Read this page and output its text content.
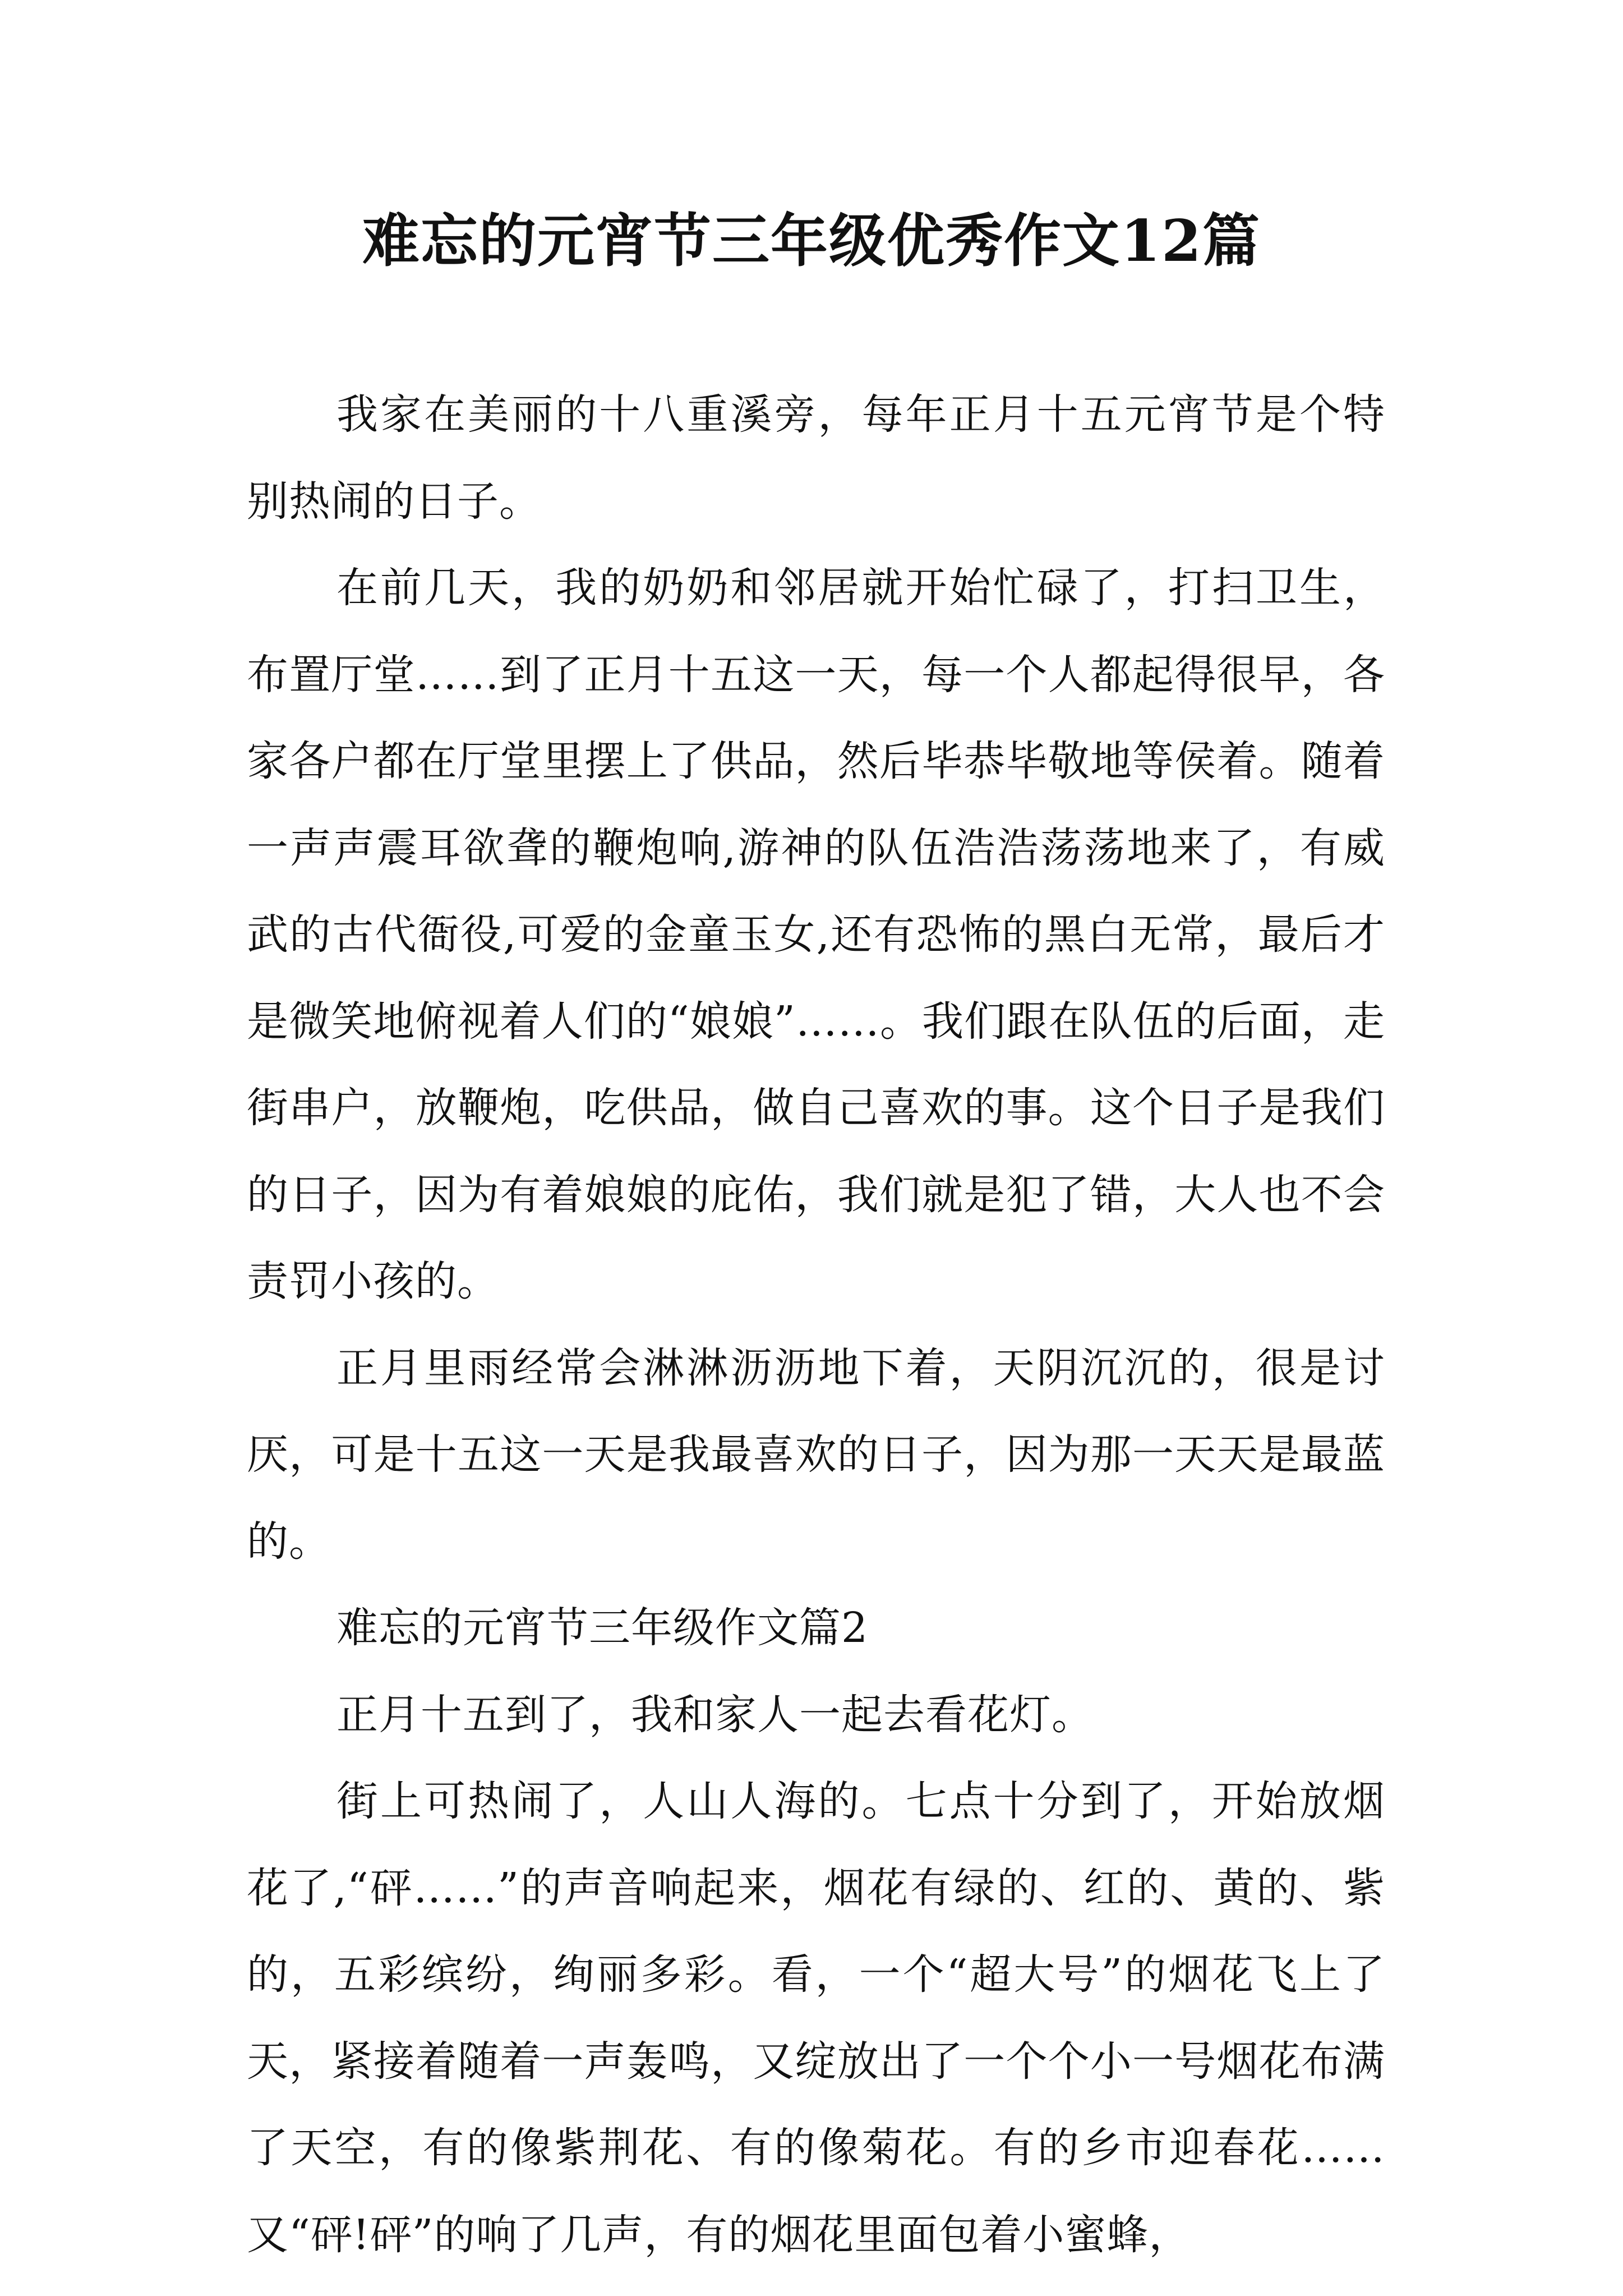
难忘的元宵节三年级优秀作文12篇

我家在美丽的十八重溪旁，每年正月十五元宵节是个特别热闹的日子。

在前几天，我的奶奶和邻居就开始忙碌了，打扫卫生，布置厅堂……到了正月十五这一天，每一个人都起得很早，各家各户都在厅堂里摆上了供品，然后毕恭毕敬地等侯着。随着一声声震耳欲聋的鞭炮响,游神的队伍浩浩荡荡地来了，有威武的古代衙役,可爱的金童玉女,还有恐怖的黑白无常，最后才是微笑地俯视着人们的“娘娘”……。我们跟在队伍的后面，走街串户，放鞭炮，吃供品，做自己喜欢的事。这个日子是我们的日子，因为有着娘娘的庇佑，我们就是犯了错，大人也不会责罚小孩的。

正月里雨经常会淋淋沥沥地下着，天阴沉沉的，很是讨厌，可是十五这一天是我最喜欢的日子，因为那一天天是最蓝的。

难忘的元宵节三年级作文篇2

正月十五到了，我和家人一起去看花灯。

街上可热闹了，人山人海的。七点十分到了，开始放烟花了,“砰……”的声音响起来，烟花有绿的、红的、黄的、紫的，五彩缤纷，绚丽多彩。看，一个“超大号”的烟花飞上了天，紧接着随着一声轰鸣，又绽放出了一个个小一号烟花布满了天空，有的像紫荆花、有的像菊花。有的乡市迎春花……又“砰!砰”的响了几声，有的烟花里面包着小蜜蜂，
